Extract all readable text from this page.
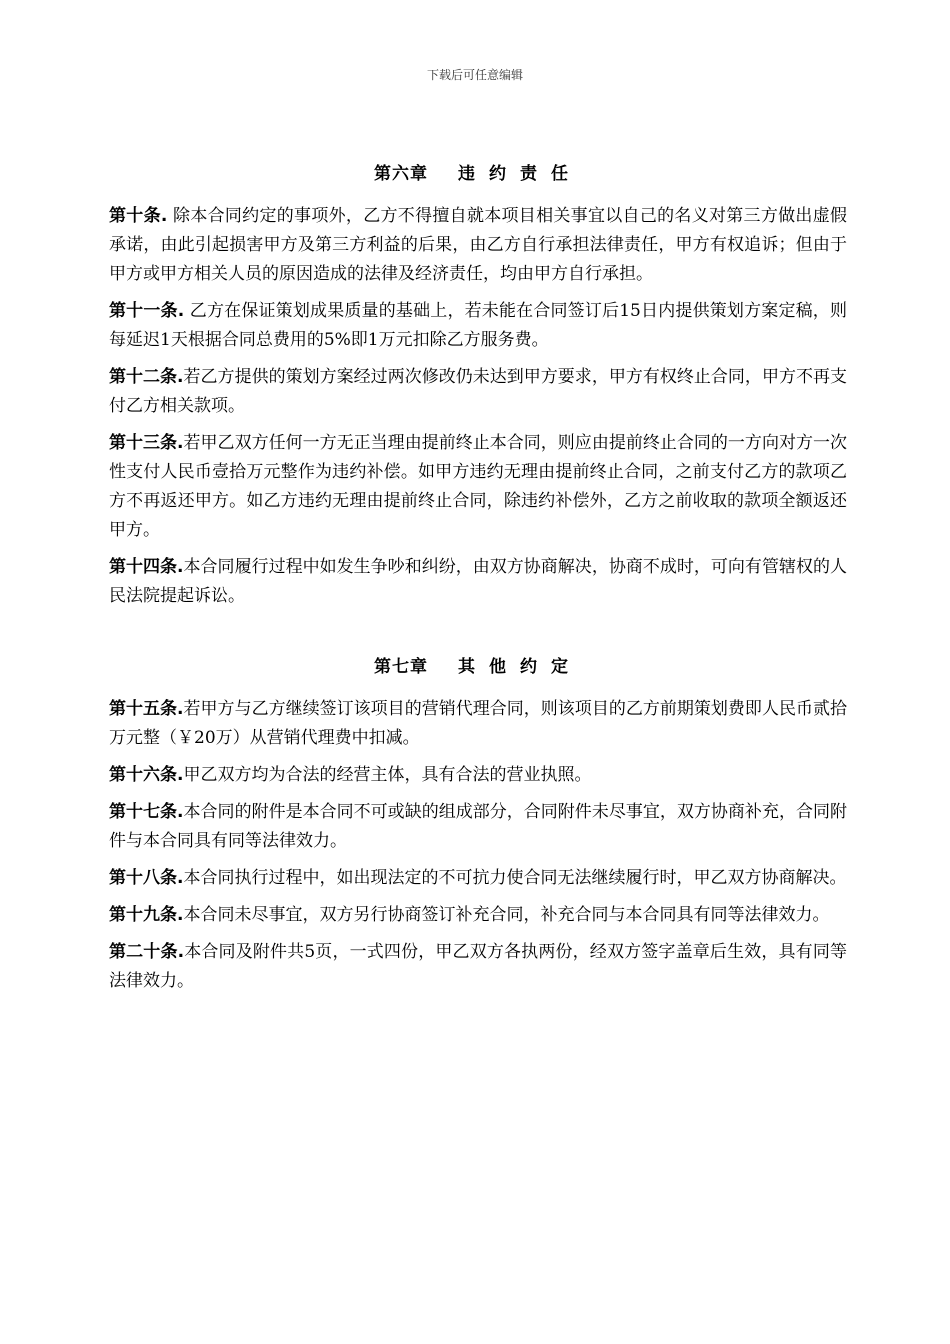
下载后可任意编辑
第六章 违约责任

第十条. 除本合同约定的事项外，乙方不得擅自就本项目相关事宜以自己的名义对第三方做出虚假承诺，由此引起损害甲方及第三方利益的后果，由乙方自行承担法律责任，甲方有权追诉；但由于甲方或甲方相关人员的原因造成的法律及经济责任，均由甲方自行承担。

第十一条. 乙方在保证策划成果质量的基础上，若未能在合同签订后15日内提供策划方案定稿，则每延迟1天根据合同总费用的5%即1万元扣除乙方服务费。

第十二条.若乙方提供的策划方案经过两次修改仍未达到甲方要求，甲方有权终止合同，甲方不再支付乙方相关款项。

第十三条.若甲乙双方任何一方无正当理由提前终止本合同，则应由提前终止合同的一方向对方一次性支付人民币壹拾万元整作为违约补偿。如甲方违约无理由提前终止合同，之前支付乙方的款项乙方不再返还甲方。如乙方违约无理由提前终止合同，除违约补偿外，乙方之前收取的款项全额返还甲方。

第十四条.本合同履行过程中如发生争吵和纠纷，由双方协商解决，协商不成时，可向有管辖权的人民法院提起诉讼。

第七章 其他约定

第十五条.若甲方与乙方继续签订该项目的营销代理合同，则该项目的乙方前期策划费即人民币贰拾万元整（￥20万）从营销代理费中扣减。

第十六条.甲乙双方均为合法的经营主体，具有合法的营业执照。

第十七条.本合同的附件是本合同不可或缺的组成部分，合同附件未尽事宜，双方协商补充，合同附件与本合同具有同等法律效力。

第十八条.本合同执行过程中，如出现法定的不可抗力使合同无法继续履行时，甲乙双方协商解决。

第十九条.本合同未尽事宜，双方另行协商签订补充合同，补充合同与本合同具有同等法律效力。

第二十条.本合同及附件共5页，一式四份，甲乙双方各执两份，经双方签字盖章后生效，具有同等法律效力。
